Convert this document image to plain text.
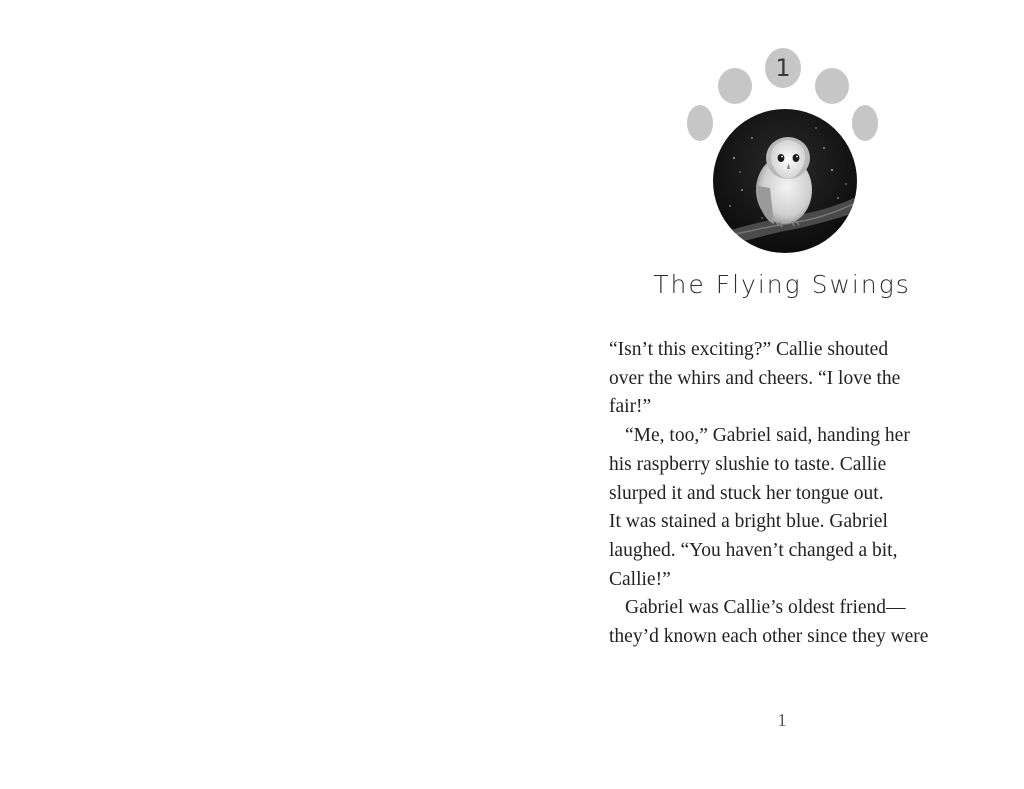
1
The Flying Swings
“Isn’t this exciting?” Callie shouted
over the whirs and cheers. “I love the
fair!”
“Me, too,” Gabriel said, handing her
his raspberry slushie to taste. Callie
slurped it and stuck her tongue out.
It was stained a bright blue. Gabriel
laughed. “You haven’t changed a bit,
Callie!”
Gabriel was Callie’s oldest friend—
they’d known each other since they were
1
